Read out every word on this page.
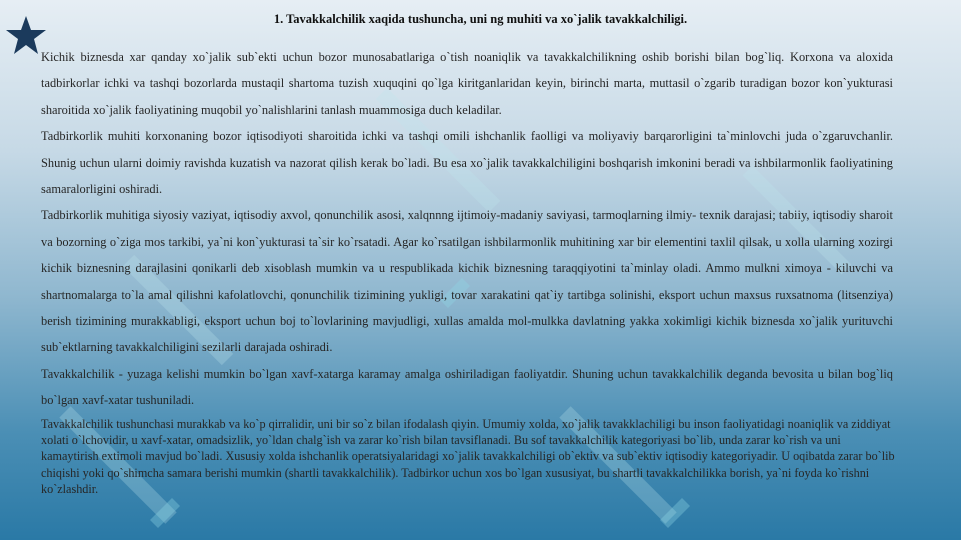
1. Tavakkalchilik xaqida tushuncha, uni ng muhiti va xo`jalik tavakkalchiligi.

Kichik biznesda xar qanday xo`jalik sub`ekti uchun bozor munosabatlariga o`tish noaniqlik va tavakkalchilikning oshib borishi bilan bog`liq. Korxona va aloxida tadbirkorlar ichki va tashqi bozorlarda mustaqil shartoma tuzish xuquqini qo`lga kiritganlaridan keyin, birinchi marta, muttasil o`zgarib turadigan bozor kon`yukturasi sharoitida xo`jalik faoliyatining muqobil yo`nalishlarini tanlash muammosiga duch keladilar.

Tadbirkorlik muhiti korxonaning bozor iqtisodiyoti sharoitida ichki va tashqi omili ishchanlik faolligi va moliyaviy barqarorligini ta`minlovchi juda o`zgaruvchanlir. Shunig uchun ularni doimiy ravishda kuzatish va nazorat qilish kerak bo`ladi. Bu esa xo`jalik tavakkalchiligini boshqarish imkonini beradi va ishbilarmonlik faoliyatining samaralorligini oshiradi.

Tadbirkorlik muhitiga siyosiy vaziyat, iqtisodiy axvol, qonunchilik asosi, xalqnnng ijtimoiy-madaniy saviyasi, tarmoqlarning ilmiy- texnik darajasi; tabiiy, iqtisodiy sharoit va bozorning o`ziga mos tarkibi, ya`ni kon`yukturasi ta`sir ko`rsatadi. Agar ko`rsatilgan ishbilarmonlik muhitining xar bir elementini taxlil qilsak, u xolla ularning xozirgi kichik biznesning darajlasini qonikarli deb xisoblash mumkin va u respublikada kichik biznesning taraqqiyotini ta`minlay oladi. Ammo mulkni ximoya - kiluvchi va shartnomalarga to`la amal qilishni kafolatlovchi, qonunchilik tizimining yukligi, tovar xarakatini qat`iy tartibga solinishi, eksport uchun maxsus ruxsatnoma (litsenziya) berish tizimining murakkabligi, eksport uchun boj to`lovlarining mavjudligi, xullas amalda mol-mulkka davlatning yakka xokimligi kichik biznesda xo`jalik yurituvchi sub`ektlarning tavakkalchiligini sezilarli darajada oshiradi.

Tavakkalchilik - yuzaga kelishi mumkin bo`lgan xavf-xatarga karamay amalga oshiriladigan faoliyatdir. Shuning uchun tavakkalchilik deganda bevosita u bilan bog`liq bo`lgan xavf-xatar tushuniladi.

Tavakkalchilik tushunchasi murakkab va ko`p qirralidir, uni bir so`z bilan ifodalash qiyin. Umumiy xolda, xo`jalik tavakklachiligi bu inson faoliyatidagi noaniqlik va ziddiyat xolati o`lchovidir, u xavf-xatar, omadsizlik, yo`ldan chalg`ish va zarar ko`rish bilan tavsiflanadi. Bu sof tavakkalchilik kategoriyasi bo`lib, unda zarar ko`rish va uni kamaytirish extimoli mavjud bo`ladi. Xususiy xolda ishchanlik operatsiyalaridagi xo`jalik tavakkalchiligi ob`ektiv va sub`ektiv iqtisodiy kategoriyadir. U oqibatda zarar bo`lib chiqishi yoki qo`shimcha samara berishi mumkin (shartli tavakkalchilik). Tadbirkor uchun xos bo`lgan xususiyat, bu shartli tavakkalchilikka borish, ya`ni foyda ko`rishni ko`zlashdir.
